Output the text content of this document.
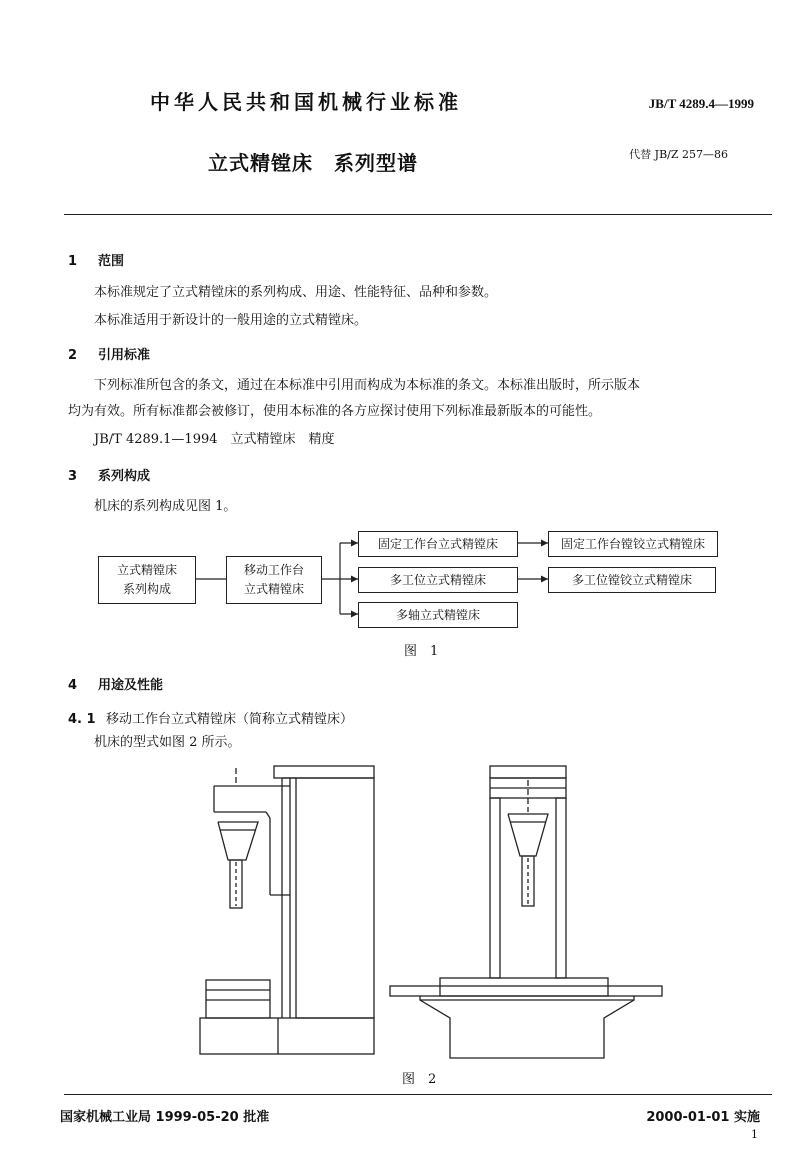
中华人民共和国机械行业标准	JB/T 4289.4—1999
立式精镗床　系列型谱	代替 JB/Z 257—86
1 范围
本标准规定了立式精镗床的系列构成、用途、性能特征、品种和参数。
本标准适用于新设计的一般用途的立式精镗床。
2 引用标准
下列标准所包含的条文，通过在本标准中引用而构成为本标准的条文。本标准出版时，所示版本
均为有效。所有标准都会被修订，使用本标准的各方应探讨使用下列标准最新版本的可能性。
JB/T 4289.1—1994　立式精镗床　精度
3 系列构成
机床的系列构成见图 1。
立式精镗床
系列构成
移动工作台
立式精镗床
固定工作台立式精镗床
多工位立式精镗床
多轴立式精镗床
固定工作台镗铰立式精镗床
多工位镗铰立式精镗床
图　1
4 用途及性能
4. 1 移动工作台立式精镗床（简称立式精镗床）
机床的型式如图 2 所示。
图　2
国家机械工业局 1999-05-20 批准	2000-01-01 实施
1
